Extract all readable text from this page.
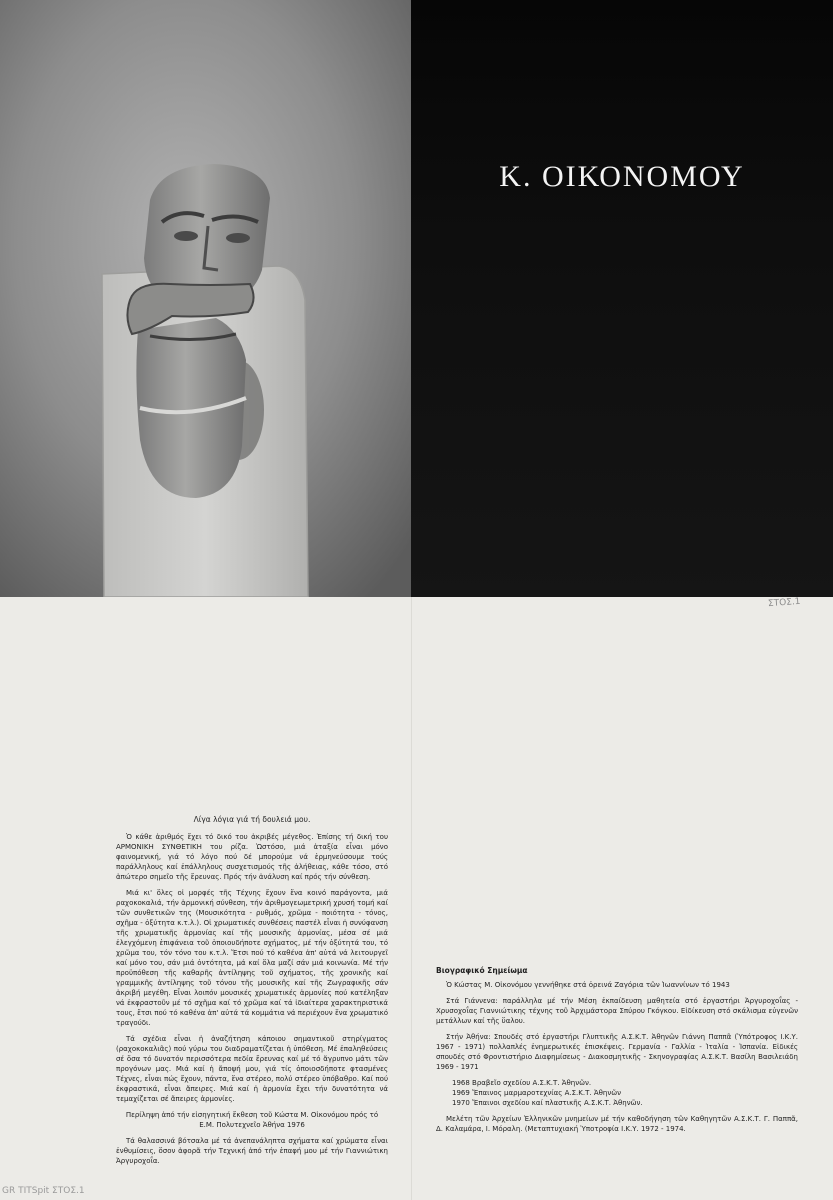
Κ. ΟΙΚΟΝΟΜΟΥ
ΣΤΟΣ.1
Λίγα λόγια γιά τή δουλειά μου.

Ὁ κάθε ἀριθμός ἔχει τό δικό του ἀκριβές μέγεθος. Ἐπίσης τή δική του ΑΡΜΟΝΙΚΗ ΣΥΝΘΕΤΙΚΗ του ρίζα. Ὡστόσο, μιά ἀταξία εἶναι μόνο φαινομενική, γιά τό λόγο πού δέ μπορούμε νά ἑρμηνεύσουμε τούς παράλληλους καί ἐπάλληλους συσχετισμούς τῆς ἀλήθειας, κάθε τόσο, στό ἀπώτερο σημεῖο τῆς ἔρευνας. Πρός τήν ἀνάλυση καί πρός τήν σύνθεση.

Μιά κι' ὅλες οἱ μορφές τῆς Τέχνης ἔχουν ἕνα κοινό παράγοντα, μιά ραχοκοκαλιά, τήν ἁρμονική σύνθεση, τήν ἀριθμογεωμετρική χρυσή τομή καί τῶν συνθετικῶν της (Μουσικότητα - ρυθμός, χρῶμα - ποιότητα - τόνος, σχῆμα - ὀξύτητα κ.τ.λ.). Οἱ χρωματικές συνθέσεις παστέλ εἶναι ἡ συνύφανση τῆς χρωματικῆς ἁρμονίας καί τῆς μουσικῆς ἁρμονίας, μέσα σέ μιά ἐλεγχόμενη ἐπιφάνεια τοῦ ὁποιουδήποτε σχήματος, μέ τήν ὀξύτητά του, τό χρῶμα του, τόν τόνο του κ.τ.λ. Ἔτσι πού τό καθένα ἀπ' αὐτά νά λειτουργεῖ καί μόνο του, σάν μιά ὀντότητα, μά καί ὅλα μαζί σάν μιά κοινωνία. Μέ τήν προϋπόθεση τῆς καθαρῆς ἀντίληψης τοῦ σχήματος, τῆς χρονικῆς καί γραμμικῆς ἀντίληψης τοῦ τόνου τῆς μουσικῆς καί τῆς Ζωγραφικῆς σάν ἀκριβή μεγέθη. Εἶναι λοιπόν μουσικές χρωματικές ἁρμονίες πού κατέληξαν νά ἐκφραστοῦν μέ τό σχῆμα καί τό χρῶμα καί τά ἰδιαίτερα χαρακτηριστικά τους, ἔτσι πού τό καθένα ἀπ' αὐτά τά κομμάτια νά περιέχουν ἕνα χρωματικό τραγούδι.

Τά σχέδια εἶναι ἡ ἀναζήτηση κάποιου σημαντικοῦ στηρίγματος (ραχοκοκαλιᾶς) πού γύρω του διαδραματίζεται ἡ ὑπόθεση. Μέ ἐπαληθεύσεις σέ ὅσα τό δυνατόν περισσότερα πεδία ἔρευνας καί μέ τό ἄγρυπνο μάτι τῶν προγόνων μας. Μιά καί ἡ ἄποψή μου, γιά τίς ὁποιοσδήποτε φτασμένες Τέχνες, εἶναι πώς ἔχουν, πάντα, ἕνα στέρεο, πολύ στέρεο ὑπόβαθρο. Καί πού ἐκφραστικά, εἶναι ἄπειρες. Μιά καί ἡ ἁρμονία ἔχει τήν δυνατότητα νά τεμαχίζεται σέ ἄπειρες ἁρμονίες.

Περίληψη ἀπό τήν εἰσηγητική ἔκθεση τοῦ Κώστα Μ. Οἰκονόμου πρός τό
Ε.Μ. Πολυτεχνεῖο Ἀθήνα 1976

Τά θαλασσινά βότσαλα μέ τά ἀνεπανάληπτα σχήματα καί χρώματα εἶναι ἐνθυμίσεις, ὅσον ἀφορᾶ τήν Τεχνική ἀπό τήν ἐπαφή μου μέ τήν Γιαννιώτικη Ἀργυροχοΐα.

Βιογραφικό Σημείωμα

Ὁ Κώστας Μ. Οἰκονόμου γεννήθηκε στά ὀρεινά Ζαγόρια τῶν Ἰωαννίνων τό 1943

Στά Γιάννενα: παράλληλα μέ τήν Μέση ἐκπαίδευση μαθητεία στό ἐργαστήρι Ἀργυροχοΐας - Χρυσοχοΐας Γιαννιώτικης τέχνης τοῦ Ἀρχιμάστορα Σπύρου Γκόγκου. Εἰδίκευση στό σκάλισμα εὐγενῶν μετάλλων καί τῆς ὕαλου.

Στήν Ἀθήνα: Σπουδές στό ἐργαστήρι Γλυπτικῆς Α.Σ.Κ.Τ. Ἀθηνῶν Γιάννη Παππᾶ (Ὑπότροφος Ι.Κ.Υ. 1967 - 1971) πολλαπλές ἐνημερωτικές ἐπισκέψεις. Γερμανία - Γαλλία - Ἰταλία - Ἰσπανία. Εἰδικές σπουδές στό Φροντιστήριο Διαφημίσεως - Διακοσμητικῆς - Σκηνογραφίας Α.Σ.Κ.Τ. Βασίλη Βασιλειάδη 1969 - 1971

1968 Βραβεῖο σχεδίου Α.Σ.Κ.Τ. Ἀθηνῶν.
1969 Ἔπαινος μαρμαροτεχνίας Α.Σ.Κ.Τ. Ἀθηνῶν
1970 Ἔπαινοι σχεδίου καί πλαστικῆς Α.Σ.Κ.Τ. Ἀθηνῶν.

Μελέτη τῶν Ἀρχείων Ἑλληνικῶν μνημείων μέ τήν καθοδήγηση τῶν Καθηγητῶν Α.Σ.Κ.Τ. Γ. Παππᾶ, Δ. Καλαμάρα, Ι. Μόραλη. (Μεταπτυχιακή Ὑποτροφία Ι.Κ.Υ. 1972 - 1974.

GR TITSpit ΣΤΟΣ.1
